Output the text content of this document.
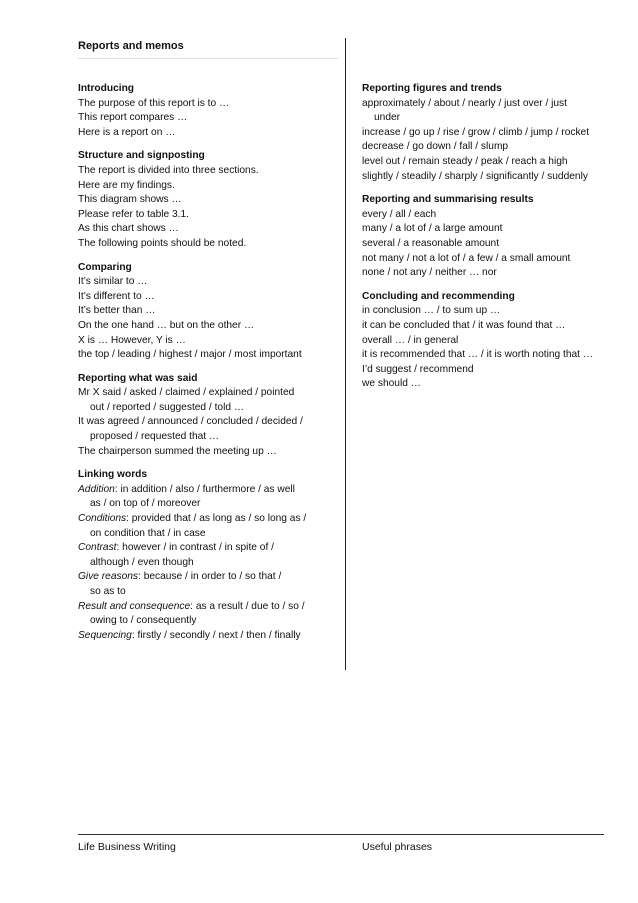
Reports and memos
Introducing
The purpose of this report is to …
This report compares …
Here is a report on …
Structure and signposting
The report is divided into three sections.
Here are my findings.
This diagram shows …
Please refer to table 3.1.
As this chart shows …
The following points should be noted.
Comparing
It’s similar to …
It’s different to …
It’s better than …
On the one hand … but on the other …
X is … However, Y is …
the top / leading / highest / major / most important
Reporting what was said
Mr X said / asked / claimed / explained / pointed
out / reported / suggested / told …
It was agreed / announced / concluded / decided /
proposed / requested that …
The chairperson summed the meeting up …
Linking words
Addition: in addition / also / furthermore / as well
as / on top of / moreover
Conditions: provided that / as long as / so long as /
on condition that / in case
Contrast: however / in contrast / in spite of /
although / even though
Give reasons: because / in order to / so that /
so as to
Result and consequence: as a result / due to / so /
owing to / consequently
Sequencing: firstly / secondly / next / then / finally
Reporting figures and trends
approximately / about / nearly / just over / just
under
increase / go up / rise / grow / climb / jump / rocket
decrease / go down / fall / slump
level out / remain steady / peak / reach a high
slightly / steadily / sharply / significantly / suddenly
Reporting and summarising results
every / all / each
many / a lot of / a large amount
several / a reasonable amount
not many / not a lot of / a few / a small amount
none / not any / neither … nor
Concluding and recommending
in conclusion … / to sum up …
it can be concluded that / it was found that …
overall … / in general
it is recommended that … / it is worth noting that …
I’d suggest / recommend
we should …
Life Business Writing	Useful phrases
